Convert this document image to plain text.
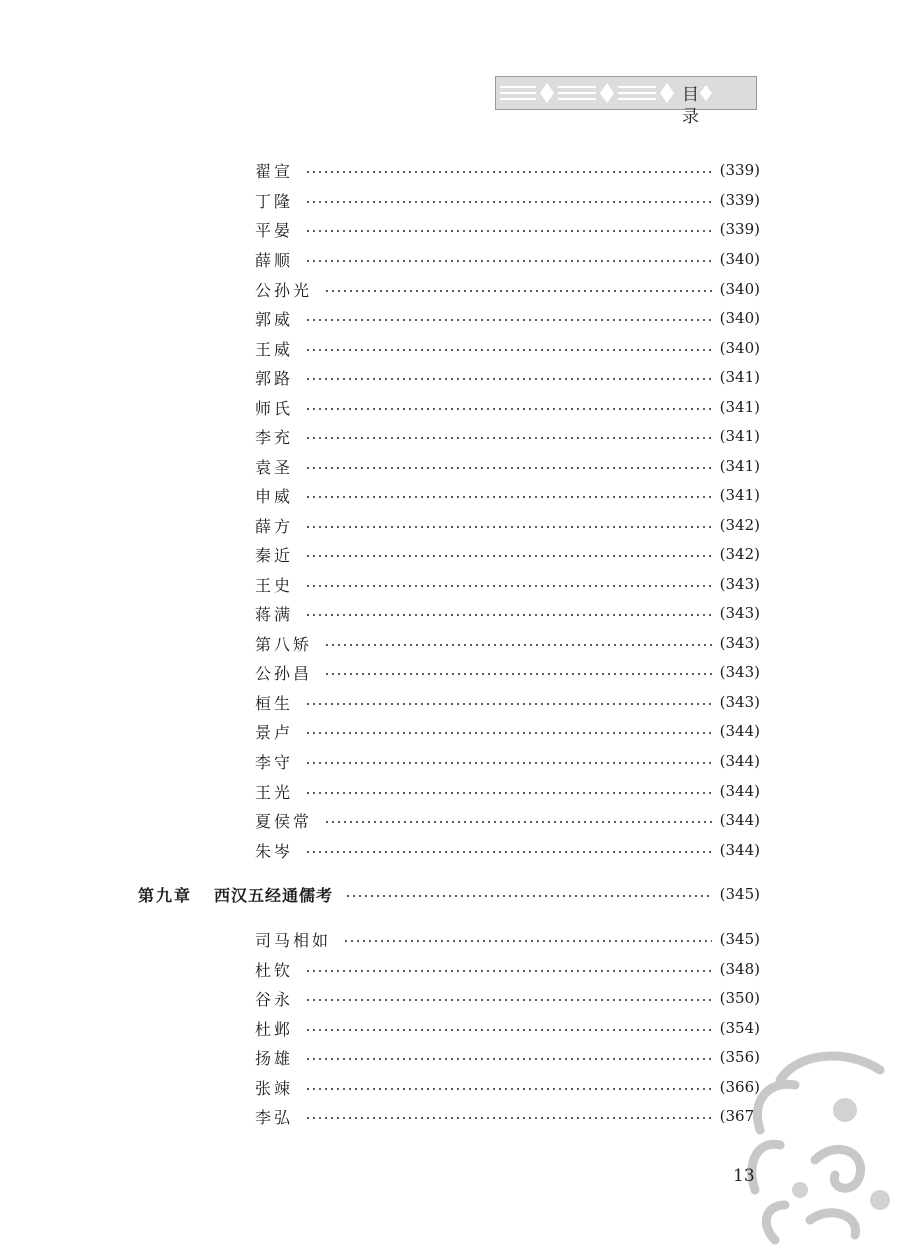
目 录
翟宣	(339)
丁隆	(339)
平晏	(339)
薛顺	(340)
公孙光	(340)
郭威	(340)
王威	(340)
郭路	(341)
师氏	(341)
李充	(341)
袁圣	(341)
申威	(341)
薛方	(342)
秦近	(342)
王史	(343)
蒋满	(343)
第八矫	(343)
公孙昌	(343)
桓生	(343)
景卢	(344)
李守	(344)
王光	(344)
夏侯常	(344)
朱岑	(344)
第九章 西汉五经通儒考	(345)
司马相如	(345)
杜钦	(348)
谷永	(350)
杜邺	(354)
扬雄	(356)
张竦	(366)
李弘	(367)
13
